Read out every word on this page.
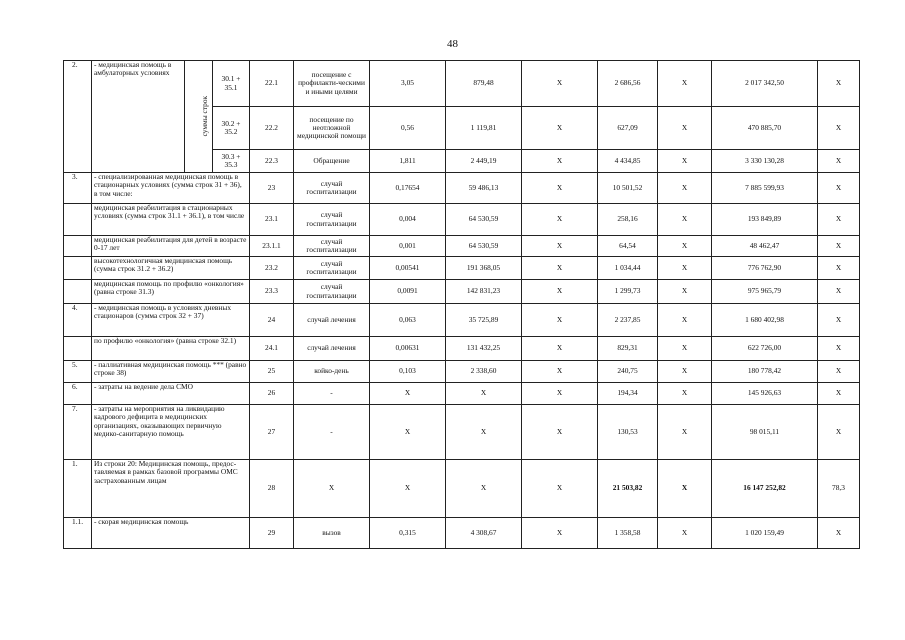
48
2.	- медицинская помощь в амбулаторных условиях	суммы строк	30.1 + 35.1	22.1	посещение с профилакти-ческими и иными целями	3,05	879,48	Х	2 686,56	Х	2 017 342,50	Х
			30.2 + 35.2	22.2	посещение по неотложной медицинской помощи	0,56	1 119,81	Х	627,09	Х	470 885,70	Х
			30.3 + 35.3	22.3	Обращение	1,811	2 449,19	Х	4 434,85	Х	3 330 130,28	Х
3.	- специализированная медицинская помощь в стационарных условиях (сумма строк 31 + 36), в том числе:			23	случай госпитализации	0,17654	59 486,13	Х	10 501,52	Х	7 885 599,93	Х
	медицинская реабилитация в стационарных условиях (сумма строк 31.1 + 36.1), в том числе			23.1	случай госпитализации	0,004	64 530,59	Х	258,16	Х	193 849,89	Х
	медицинская реабилитация для детей в возрасте 0-17 лет			23.1.1	случай госпитализации	0,001	64 530,59	Х	64,54	Х	48 462,47	Х
	высокотехнологичная медицинская помощь (сумма строк 31.2 + 36.2)			23.2	случай госпитализации	0,00541	191 368,05	Х	1 034,44	Х	776 762,90	Х
	медицинская помощь по профилю «онкология» (равна строке 31.3)			23.3	случай госпитализации	0,0091	142 831,23	Х	1 299,73	Х	975 965,79	Х
4.	- медицинская помощь в условиях дневных стационаров (сумма строк 32 + 37)			24	случай лечения	0,063	35 725,89	Х	2 237,85	Х	1 680 402,98	Х
	по профилю «онкология» (равна строке 32.1)			24.1	случай лечения	0,00631	131 432,25	Х	829,31	Х	622 726,00	Х
5.	- паллиативная медицинская помощь *** (равно строке 38)			25	койко-день	0,103	2 338,60	Х	240,75	Х	180 778,42	Х
6.	- затраты на ведение дела СМО			26	-	Х	Х	Х	194,34	Х	145 926,63	Х
7.	- затраты на мероприятия на ликвидацию кадрового дефицита в медицинских организациях, оказывающих первичную медико-санитарную помощь			27	-	Х	Х	Х	130,53	Х	98 015,11	Х
1.	Из строки 20: Медицинская помощь, предос-тавляемая в рамках базовой программы ОМС застрахованным лицам			28	Х	Х	Х	Х	21 503,82	Х	16 147 252,82	78,3
1.1.	- скорая медицинская помощь			29	вызов	0,315	4 308,67	Х	1 358,58	Х	1 020 159,49	Х
